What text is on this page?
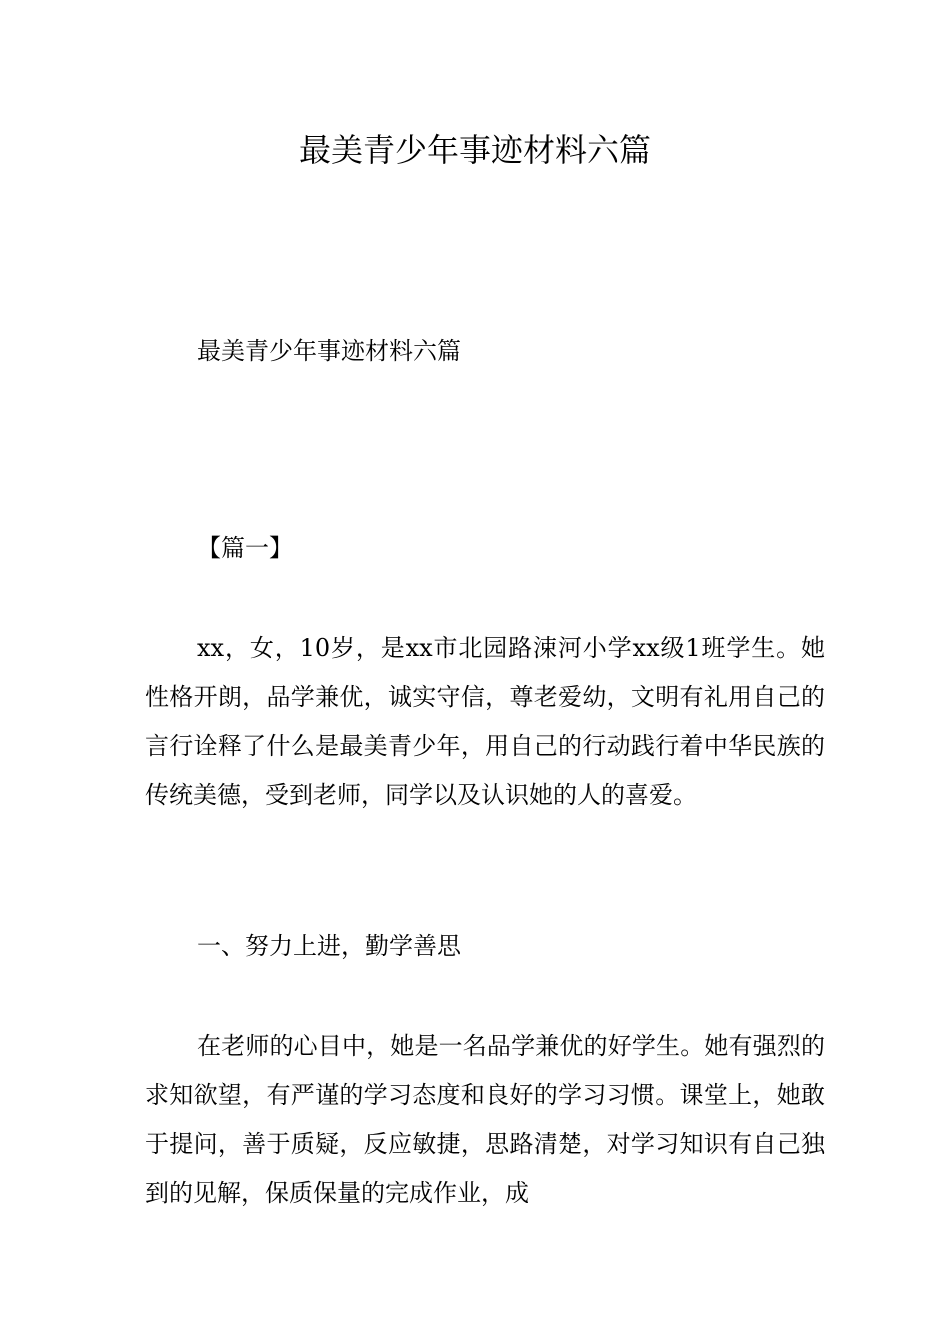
最美青少年事迹材料六篇
最美青少年事迹材料六篇
【篇一】

xx，女，10岁，是xx市北园路涑河小学xx级1班学生。她性格开朗，品学兼优，诚实守信，尊老爱幼，文明有礼用自己的言行诠释了什么是最美青少年，用自己的行动践行着中华民族的传统美德，受到老师，同学以及认识她的人的喜爱。

一、努力上进，勤学善思

在老师的心目中，她是一名品学兼优的好学生。她有强烈的求知欲望，有严谨的学习态度和良好的学习习惯。课堂上，她敢于提问，善于质疑，反应敏捷，思路清楚，对学习知识有自己独到的见解，保质保量的完成作业，成
